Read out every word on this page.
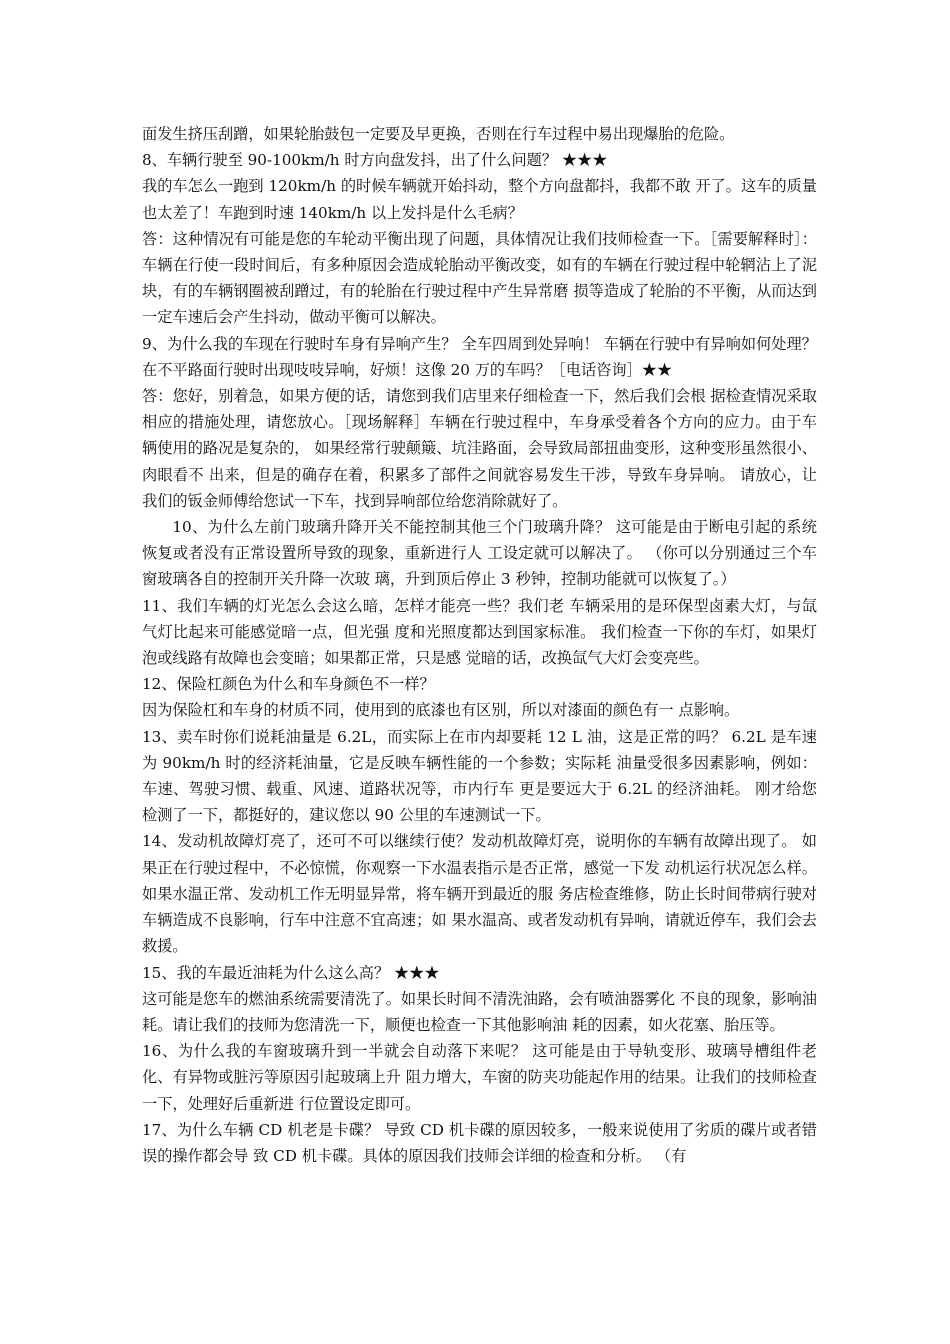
面发生挤压刮蹭，如果轮胎鼓包一定要及早更换，否则在行车过程中易出现爆胎的危险。

8、车辆行驶至 90-100km/h 时方向盘发抖，出了什么问题？ ★★★

我的车怎么一跑到 120km/h 的时候车辆就开始抖动，整个方向盘都抖，我都不敢 开了。这车的质量也太差了！车跑到时速 140km/h 以上发抖是什么毛病？

答：这种情况有可能是您的车轮动平衡出现了问题，具体情况让我们技师检查一下。［需要解释时］： 车辆在行使一段时间后，有多种原因会造成轮胎动平衡改变，如有的车辆在行驶过程中轮辋沾上了泥块，有的车辆钢圈被刮蹭过，有的轮胎在行驶过程中产生异常磨 损等造成了轮胎的不平衡，从而达到一定车速后会产生抖动，做动平衡可以解决。

9、为什么我的车现在行驶时车身有异响产生？ 全车四周到处异响！ 车辆在行驶中有异响如何处理？在不平路面行驶时出现吱吱异响，好烦！这像 20 万的车吗？［电话咨询］★★

答：您好，别着急，如果方便的话，请您到我们店里来仔细检查一下，然后我们会根 据检查情况采取相应的措施处理，请您放心。［现场解释］车辆在行驶过程中，车身承受着各个方向的应力。由于车辆使用的路况是复杂的， 如果经常行驶颠簸、坑洼路面，会导致局部扭曲变形，这种变形虽然很小、肉眼看不 出来，但是的确存在着，积累多了部件之间就容易发生干涉，导致车身异响。 请放心，让我们的钣金师傅给您试一下车，找到异响部位给您消除就好了。

10、为什么左前门玻璃升降开关不能控制其他三个门玻璃升降？ 这可能是由于断电引起的系统恢复或者没有正常设置所导致的现象，重新进行人 工设定就可以解决了。 （你可以分别通过三个车窗玻璃各自的控制开关升降一次玻 璃，升到顶后停止 3 秒钟，控制功能就可以恢复了。）

11、我们车辆的灯光怎么会这么暗，怎样才能亮一些？我们老 车辆采用的是环保型卤素大灯，与氙气灯比起来可能感觉暗一点，但光强 度和光照度都达到国家标准。 我们检查一下你的车灯，如果灯泡或线路有故障也会变暗；如果都正常，只是感 觉暗的话，改换氙气大灯会变亮些。

12、保险杠颜色为什么和车身颜色不一样？

因为保险杠和车身的材质不同，使用到的底漆也有区别，所以对漆面的颜色有一 点影响。

13、卖车时你们说耗油量是 6.2L，而实际上在市内却要耗 12 L 油，这是正常的吗？ 6.2L 是车速为 90km/h 时的经济耗油量，它是反映车辆性能的一个参数；实际耗 油量受很多因素影响，例如：车速、驾驶习惯、载重、风速、道路状况等，市内行车 更是要远大于 6.2L 的经济油耗。 刚才给您检测了一下，都挺好的，建议您以 90 公里的车速测试一下。

14、发动机故障灯亮了，还可不可以继续行使？发动机故障灯亮，说明你的车辆有故障出现了。 如果正在行驶过程中，不必惊慌，你观察一下水温表指示是否正常，感觉一下发 动机运行状况怎么样。如果水温正常、发动机工作无明显异常，将车辆开到最近的服 务店检查维修，防止长时间带病行驶对车辆造成不良影响，行车中注意不宜高速；如 果水温高、或者发动机有异响，请就近停车，我们会去救援。

15、我的车最近油耗为什么这么高？ ★★★

这可能是您车的燃油系统需要清洗了。如果长时间不清洗油路，会有喷油器雾化 不良的现象，影响油耗。请让我们的技师为您清洗一下，顺便也检查一下其他影响油 耗的因素，如火花塞、胎压等。

16、为什么我的车窗玻璃升到一半就会自动落下来呢？ 这可能是由于导轨变形、玻璃导槽组件老化、有异物或脏污等原因引起玻璃上升 阻力增大，车窗的防夹功能起作用的结果。让我们的技师检查一下，处理好后重新进 行位置设定即可。

17、为什么车辆 CD 机老是卡碟？ 导致 CD 机卡碟的原因较多，一般来说使用了劣质的碟片或者错误的操作都会导 致 CD 机卡碟。具体的原因我们技师会详细的检查和分析。 （有
